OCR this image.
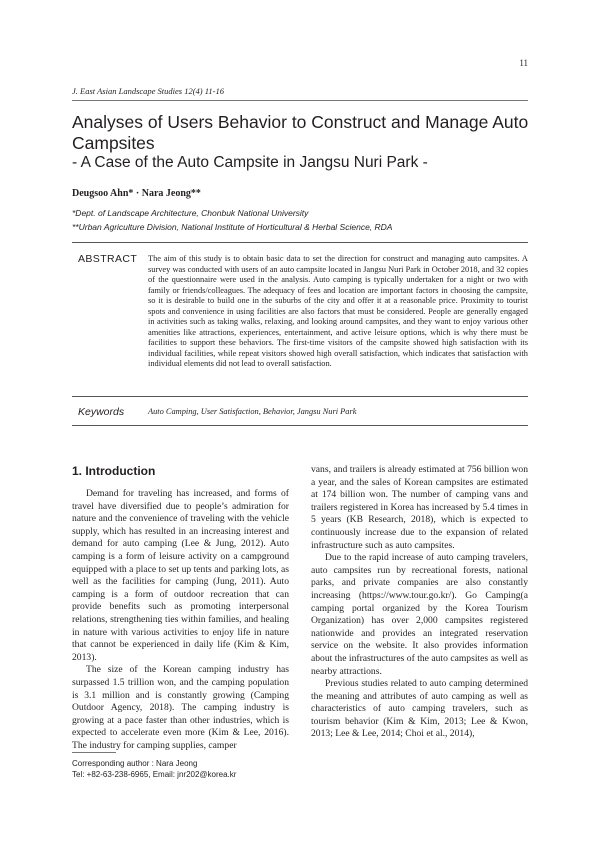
11
J. East Asian Landscape Studies 12(4) 11-16
Analyses of Users Behavior to Construct and Manage Auto Campsites
- A Case of the Auto Campsite in Jangsu Nuri Park -
Deugsoo Ahn* · Nara Jeong**
*Dept. of Landscape Architecture, Chonbuk National University
**Urban Agriculture Division, National Institute of Horticultural & Herbal Science, RDA
ABSTRACT The aim of this study is to obtain basic data to set the direction for construct and managing auto campsites. A survey was conducted with users of an auto campsite located in Jangsu Nuri Park in October 2018, and 32 copies of the questionnaire were used in the analysis. Auto camping is typically undertaken for a night or two with family or friends/colleagues. The adequacy of fees and location are important factors in choosing the campsite, so it is desirable to build one in the suburbs of the city and offer it at a reasonable price. Proximity to tourist spots and convenience in using facilities are also factors that must be considered. People are generally engaged in activities such as taking walks, relaxing, and looking around campsites, and they want to enjoy various other amenities like attractions, experiences, entertainment, and active leisure options, which is why there must be facilities to support these behaviors. The first-time visitors of the campsite showed high satisfaction with its individual facilities, while repeat visitors showed high overall satisfaction, which indicates that satisfaction with individual elements did not lead to overall satisfaction.
Keywords	Auto Camping, User Satisfaction, Behavior, Jangsu Nuri Park
1. Introduction

Demand for traveling has increased, and forms of travel have diversified due to people’s admiration for nature and the convenience of traveling with the vehicle supply, which has resulted in an increasing interest and demand for auto camping (Lee & Jung, 2012). Auto camping is a form of leisure activity on a campground equipped with a place to set up tents and parking lots, as well as the facilities for camping (Jung, 2011). Auto camping is a form of outdoor recreation that can provide benefits such as promoting interpersonal relations, strengthening ties within families, and healing in nature with various activities to enjoy life in nature that cannot be experienced in daily life (Kim & Kim, 2013).

The size of the Korean camping industry has surpassed 1.5 trillion won, and the camping population is 3.1 million and is constantly growing (Camping Outdoor Agency, 2018). The camping industry is growing at a pace faster than other industries, which is expected to accelerate even more (Kim & Lee, 2016). The industry for camping supplies, camper

vans, and trailers is already estimated at 756 billion won a year, and the sales of Korean campsites are estimated at 174 billion won. The number of camping vans and trailers registered in Korea has increased by 5.4 times in 5 years (KB Research, 2018), which is expected to continuously increase due to the expansion of related infrastructure such as auto campsites.

Due to the rapid increase of auto camping travelers, auto campsites run by recreational forests, national parks, and private companies are also constantly increasing (https://www.tour.go.kr/). Go Camping(a camping portal organized by the Korea Tourism Organization) has over 2,000 campsites registered nationwide and provides an integrated reservation service on the website. It also provides information about the infrastructures of the auto campsites as well as nearby attractions.

Previous studies related to auto camping determined the meaning and attributes of auto camping as well as characteristics of auto camping travelers, such as tourism behavior (Kim & Kim, 2013; Lee & Kwon, 2013; Lee & Lee, 2014; Choi et al., 2014),

Corresponding author : Nara Jeong
Tel: +82-63-238-6965, Email: jnr202@korea.kr
